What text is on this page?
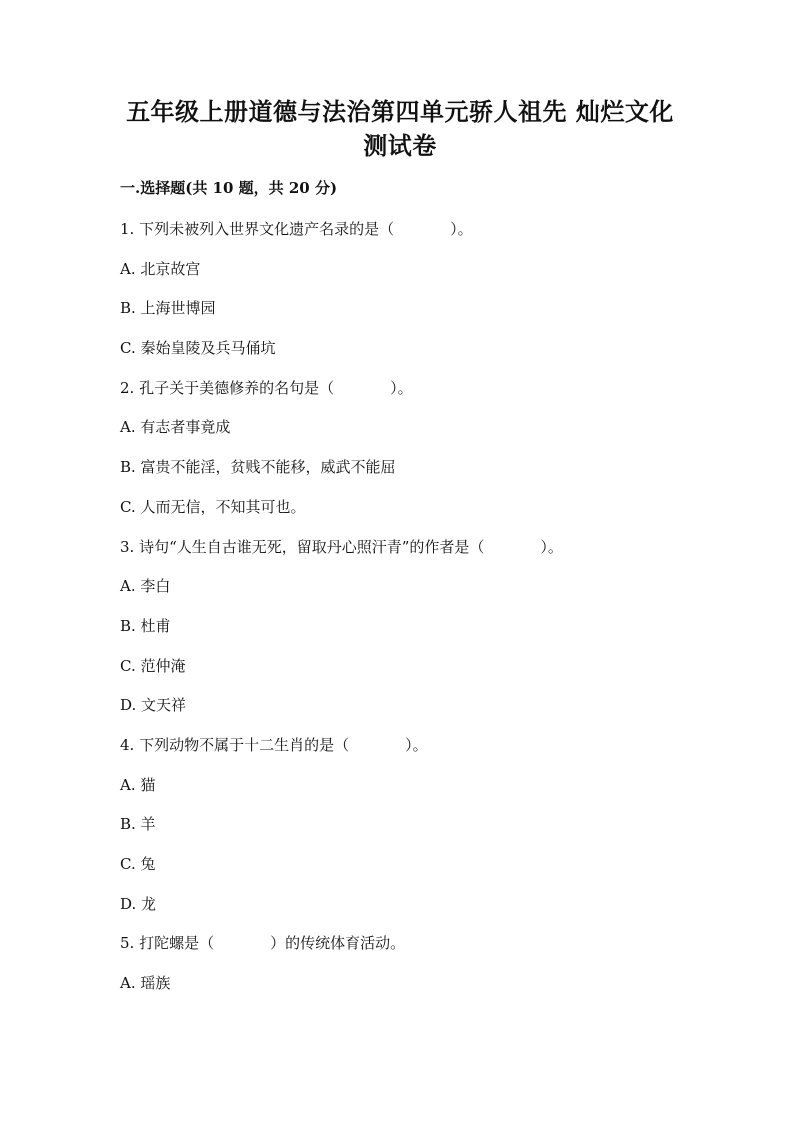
五年级上册道德与法治第四单元骄人祖先 灿烂文化
测试卷
一.选择题(共 10 题，共 20 分)
1. 下列未被列入世界文化遗产名录的是（	）。
A. 北京故宫
B. 上海世博园
C. 秦始皇陵及兵马俑坑
2. 孔子关于美德修养的名句是（	）。
A. 有志者事竟成
B. 富贵不能淫，贫贱不能移，威武不能屈
C. 人而无信，不知其可也。
3. 诗句“人生自古谁无死，留取丹心照汗青”的作者是（	）。
A. 李白
B. 杜甫
C. 范仲淹
D. 文天祥
4. 下列动物不属于十二生肖的是（	）。
A. 猫
B. 羊
C. 兔
D. 龙
5. 打陀螺是（	）的传统体育活动。
A. 瑶族
